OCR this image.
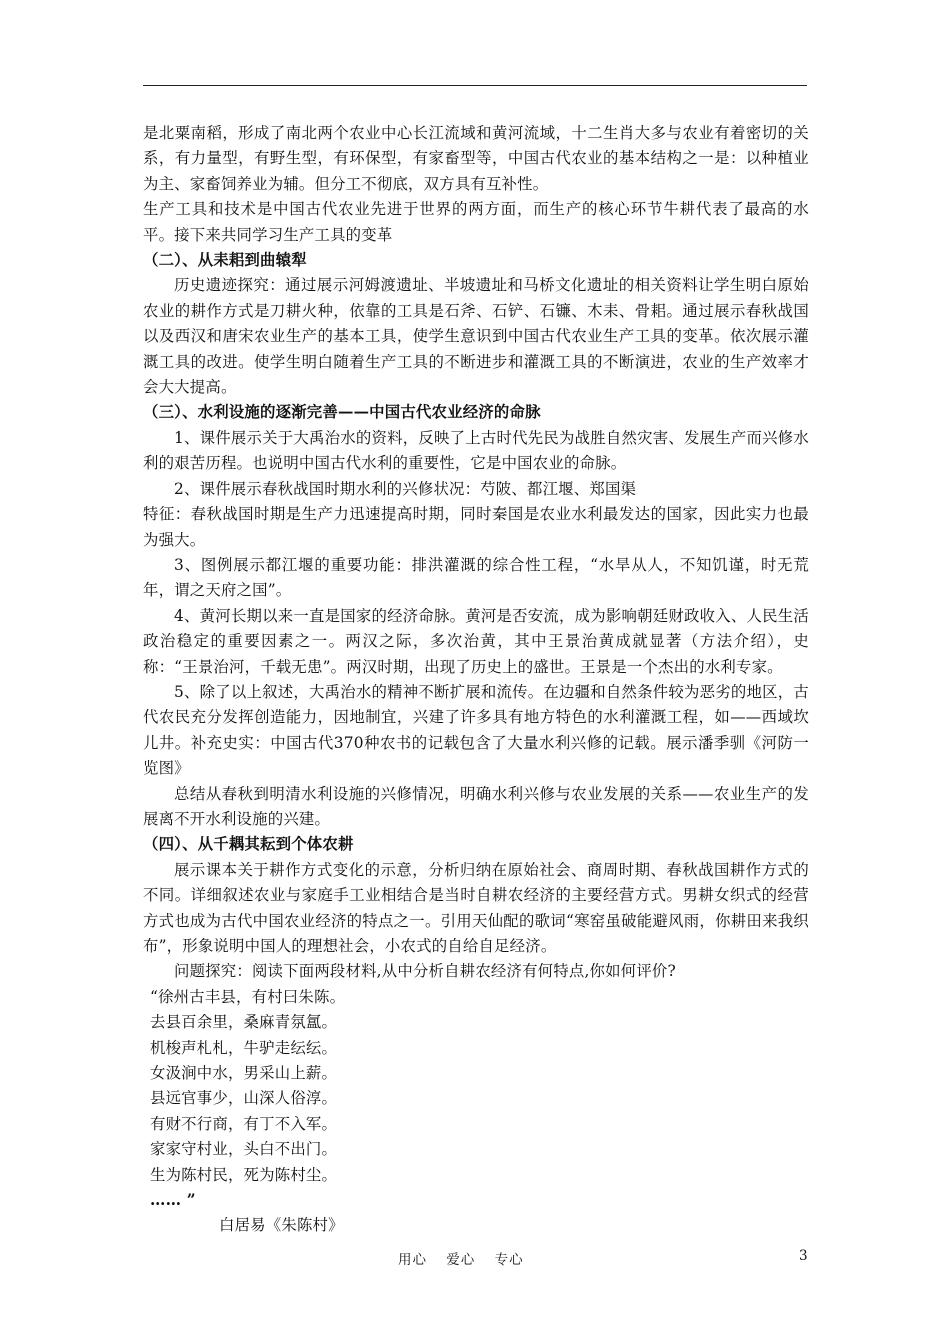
是北粟南稻，形成了南北两个农业中心长江流域和黄河流域，十二生肖大多与农业有着密切的关系，有力量型，有野生型，有环保型，有家畜型等，中国古代农业的基本结构之一是：以种植业为主、家畜饲养业为辅。但分工不彻底，双方具有互补性。

生产工具和技术是中国古代农业先进于世界的两方面，而生产的核心环节牛耕代表了最高的水平。接下来共同学习生产工具的变革

（二）、从耒耜到曲辕犁

历史遗迹探究：通过展示河姆渡遗址、半坡遗址和马桥文化遗址的相关资料让学生明白原始农业的耕作方式是刀耕火种，依靠的工具是石斧、石铲、石镰、木耒、骨耜。通过展示春秋战国以及西汉和唐宋农业生产的基本工具，使学生意识到中国古代农业生产工具的变革。依次展示灌溉工具的改进。使学生明白随着生产工具的不断进步和灌溉工具的不断演进，农业的生产效率才会大大提高。

（三）、水利设施的逐渐完善——中国古代农业经济的命脉

1、课件展示关于大禹治水的资料，反映了上古时代先民为战胜自然灾害、发展生产而兴修水利的艰苦历程。也说明中国古代水利的重要性，它是中国农业的命脉。

2、课件展示春秋战国时期水利的兴修状况：芍陂、都江堰、郑国渠

特征：春秋战国时期是生产力迅速提高时期，同时秦国是农业水利最发达的国家，因此实力也最为强大。

3、图例展示都江堰的重要功能：排洪灌溉的综合性工程，“水旱从人，不知饥谨，时无荒年，谓之天府之国”。

4、黄河长期以来一直是国家的经济命脉。黄河是否安流，成为影响朝廷财政收入、人民生活政治稳定的重要因素之一。两汉之际，多次治黄，其中王景治黄成就显著（方法介绍），史称：“王景治河，千载无患”。两汉时期，出现了历史上的盛世。王景是一个杰出的水利专家。

5、除了以上叙述，大禹治水的精神不断扩展和流传。在边疆和自然条件较为恶劣的地区，古代农民充分发挥创造能力，因地制宜，兴建了许多具有地方特色的水利灌溉工程，如——西域坎儿井。补充史实：中国古代370种农书的记载包含了大量水利兴修的记载。展示潘季驯《河防一览图》

总结从春秋到明清水利设施的兴修情况，明确水利兴修与农业发展的关系——农业生产的发展离不开水利设施的兴建。

（四）、从千耦其耘到个体农耕

展示课本关于耕作方式变化的示意，分析归纳在原始社会、商周时期、春秋战国耕作方式的不同。详细叙述农业与家庭手工业相结合是当时自耕农经济的主要经营方式。男耕女织式的经营方式也成为古代中国农业经济的特点之一。引用天仙配的歌词“寒窑虽破能避风雨，你耕田来我织布”，形象说明中国人的理想社会，小农式的自给自足经济。

问题探究：阅读下面两段材料,从中分析自耕农经济有何特点,你如何评价?

“徐州古丰县，有村曰朱陈。
去县百余里，桑麻青氛氲。
机梭声札札，牛驴走纭纭。
女汲涧中水，男采山上薪。
县远官事少，山深人俗淳。
有财不行商，有丁不入军。
家家守村业，头白不出门。
生为陈村民，死为陈村尘。
…… ”

白居易《朱陈村》

用心 爱心 专心	3
